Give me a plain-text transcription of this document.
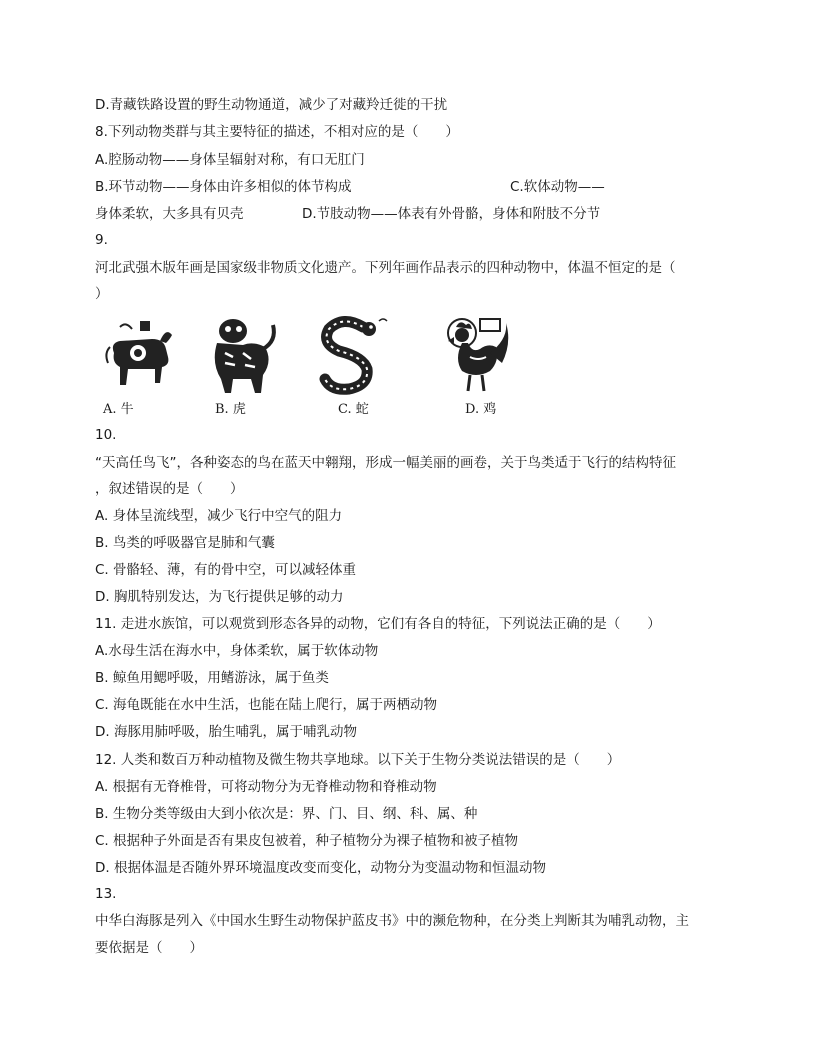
D.青藏铁路设置的野生动物通道，减少了对藏羚迁徙的干扰
8.下列动物类群与其主要特征的描述，不相对应的是（　　）
A.腔肠动物——身体呈辐射对称，有口无肛门
B.环节动物——身体由许多相似的体节构成	C.软体动物——
身体柔软，大多具有贝壳	D.节肢动物——体表有外骨骼，身体和附肢不分节
9.
河北武强木版年画是国家级非物质文化遗产。下列年画作品表示的四种动物中，体温不恒定的是（
）
A. 牛	B. 虎	C. 蛇	D. 鸡
10.
“天高任鸟飞”，各种姿态的鸟在蓝天中翱翔，形成一幅美丽的画卷，关于鸟类适于飞行的结构特征
，叙述错误的是（　　）
A. 身体呈流线型，减少飞行中空气的阻力
B. 鸟类的呼吸器官是肺和气囊
C. 骨骼轻、薄，有的骨中空，可以减轻体重
D. 胸肌特别发达，为飞行提供足够的动力
11. 走进水族馆，可以观赏到形态各异的动物，它们有各自的特征，下列说法正确的是（　　）
A.水母生活在海水中，身体柔软，属于软体动物
B. 鲸鱼用鳃呼吸，用鳍游泳，属于鱼类
C. 海龟既能在水中生活，也能在陆上爬行，属于两栖动物
D. 海豚用肺呼吸，胎生哺乳，属于哺乳动物
12. 人类和数百万种动植物及微生物共享地球。以下关于生物分类说法错误的是（　　）
A. 根据有无脊椎骨，可将动物分为无脊椎动物和脊椎动物
B. 生物分类等级由大到小依次是：界、门、目、纲、科、属、种
C. 根据种子外面是否有果皮包被着，种子植物分为裸子植物和被子植物
D. 根据体温是否随外界环境温度改变而变化，动物分为变温动物和恒温动物
13.
中华白海豚是列入《中国水生野生动物保护蓝皮书》中的濒危物种，在分类上判断其为哺乳动物，主
要依据是（　　）
